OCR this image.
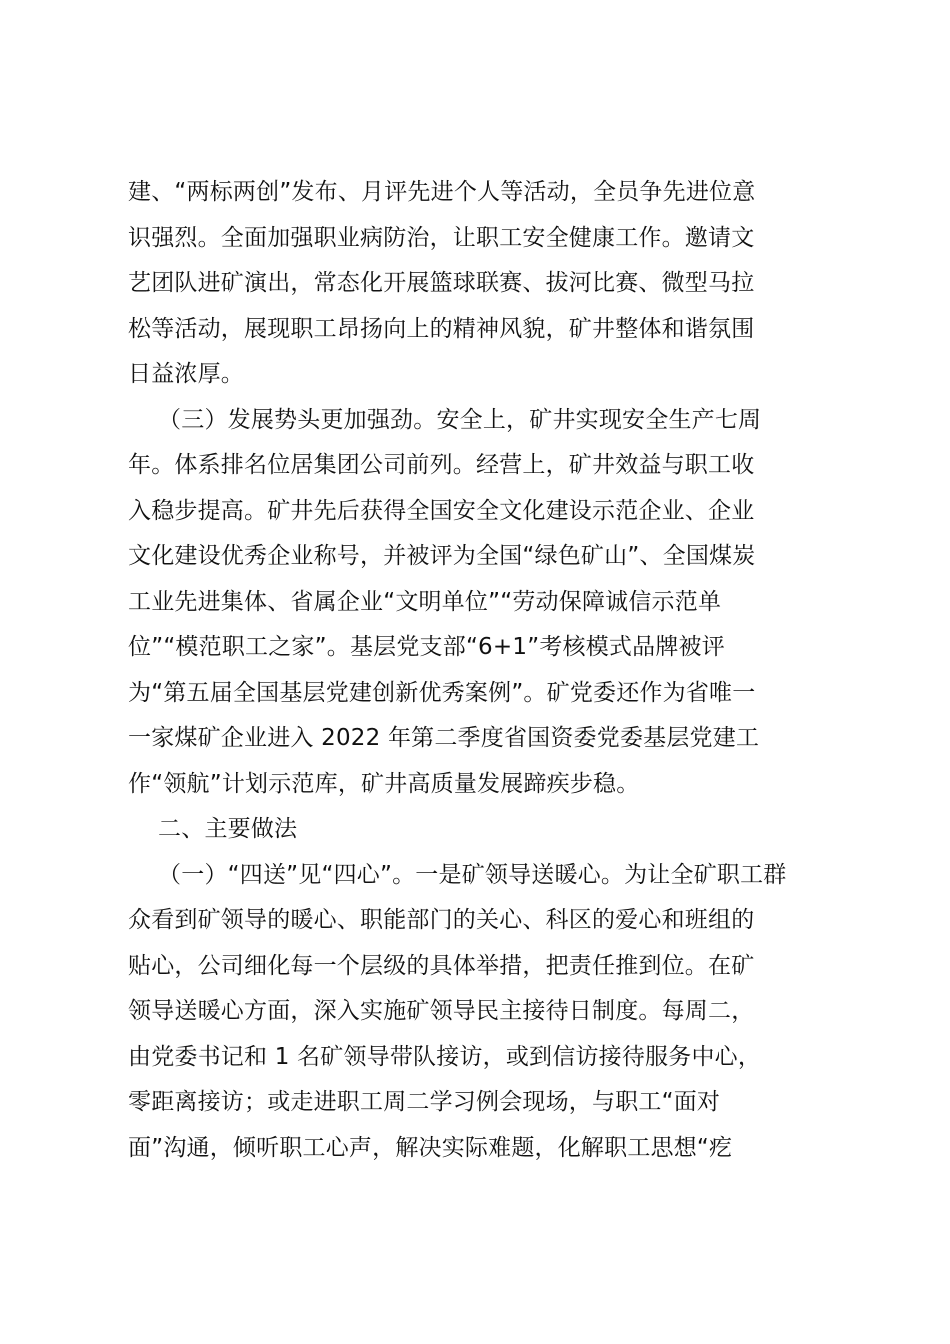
建、“两标两创”发布、月评先进个人等活动，全员争先进位意
识强烈。全面加强职业病防治，让职工安全健康工作。邀请文
艺团队进矿演出，常态化开展篮球联赛、拔河比赛、微型马拉
松等活动，展现职工昂扬向上的精神风貌，矿井整体和谐氛围
日益浓厚。
（三）发展势头更加强劲。安全上，矿井实现安全生产七周
年。体系排名位居集团公司前列。经营上，矿井效益与职工收
入稳步提高。矿井先后获得全国安全文化建设示范企业、企业
文化建设优秀企业称号，并被评为全国“绿色矿山”、全国煤炭
工业先进集体、省属企业“文明单位”“劳动保障诚信示范单
位”“模范职工之家”。基层党支部“6+1”考核模式品牌被评
为“第五届全国基层党建创新优秀案例”。矿党委还作为省唯一
一家煤矿企业进入 2022 年第二季度省国资委党委基层党建工
作“领航”计划示范库，矿井高质量发展蹄疾步稳。
二、主要做法
（一）“四送”见“四心”。一是矿领导送暖心。为让全矿职工群
众看到矿领导的暖心、职能部门的关心、科区的爱心和班组的
贴心，公司细化每一个层级的具体举措，把责任推到位。在矿
领导送暖心方面，深入实施矿领导民主接待日制度。每周二，
由党委书记和 1 名矿领导带队接访，或到信访接待服务中心，
零距离接访；或走进职工周二学习例会现场，与职工“面对
面”沟通，倾听职工心声，解决实际难题，化解职工思想“疙
